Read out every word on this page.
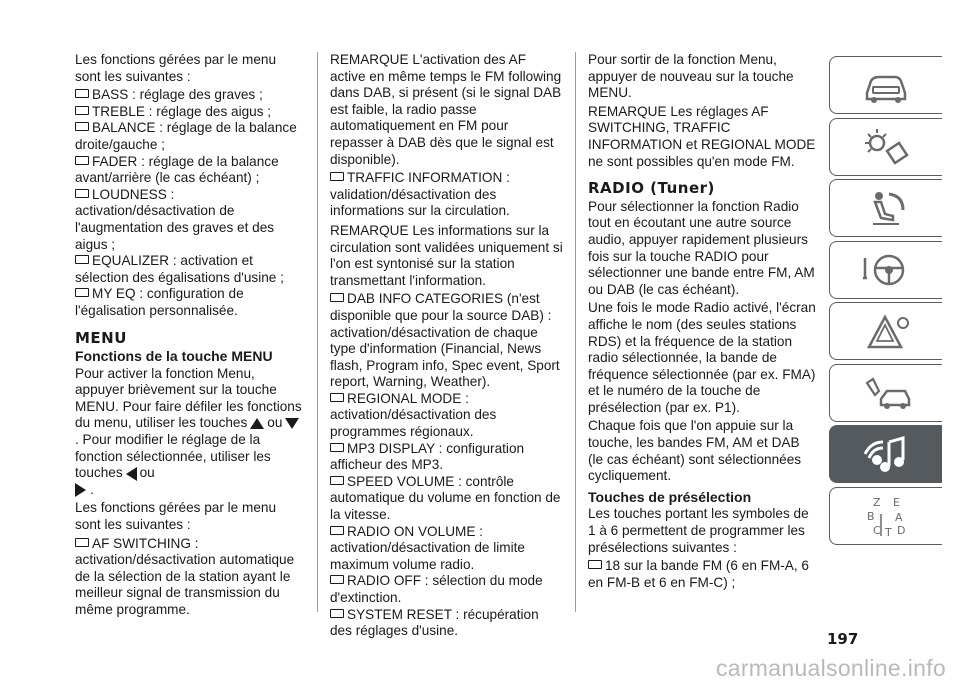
Les fonctions gérées par le menu sont les suivantes :
BASS : réglage des graves ;
TREBLE : réglage des aigus ;
BALANCE : réglage de la balance droite/gauche ;
FADER : réglage de la balance avant/arrière (le cas échéant) ;
LOUDNESS : activation/désactivation de l'augmentation des graves et des aigus ;
EQUALIZER : activation et sélection des égalisations d'usine ;
MY EQ : configuration de l'égalisation personnalisée.
MENU
Fonctions de la touche MENU
Pour activer la fonction Menu, appuyer brièvement sur la touche MENU. Pour faire défiler les fonctions du menu, utiliser les touches ou. Pour modifier le réglage de la fonction sélectionnée, utiliser les touches ou
.
Les fonctions gérées par le menu sont les suivantes :
AF SWITCHING : activation/désactivation automatique de la sélection de la station ayant le meilleur signal de transmission du même programme.
REMARQUE L'activation des AF active en même temps le FM following dans DAB, si présent (si le signal DAB est faible, la radio passe automatiquement en FM pour repasser à DAB dès que le signal est disponible).
TRAFFIC INFORMATION : validation/désactivation des informations sur la circulation.
REMARQUE Les informations sur la circulation sont validées uniquement si l'on est syntonisé sur la station transmettant l'information.
DAB INFO CATEGORIES (n'est disponible que pour la source DAB) : activation/désactivation de chaque type d'information (Financial, News flash, Program info, Spec event, Sport report, Warning, Weather).
REGIONAL MODE : activation/désactivation des programmes régionaux.
MP3 DISPLAY : configuration afficheur des MP3.
SPEED VOLUME : contrôle automatique du volume en fonction de la vitesse.
RADIO ON VOLUME : activation/désactivation de limite maximum volume radio.
RADIO OFF : sélection du mode d'extinction.
SYSTEM RESET : récupération des réglages d'usine.
Pour sortir de la fonction Menu, appuyer de nouveau sur la touche MENU.
REMARQUE Les réglages AF SWITCHING, TRAFFIC INFORMATION et REGIONAL MODE ne sont possibles qu'en mode FM.
RADIO (Tuner)
Pour sélectionner la fonction Radio tout en écoutant une autre source audio, appuyer rapidement plusieurs fois sur la touche RADIO pour sélectionner une bande entre FM, AM ou DAB (le cas échéant).
Une fois le mode Radio activé, l'écran affiche le nom (des seules stations RDS) et la fréquence de la station radio sélectionnée, la bande de fréquence sélectionnée (par ex. FMA) et le numéro de la touche de présélection (par ex. P1).
Chaque fois que l'on appuie sur la touche, les bandes FM, AM et DAB (le cas échéant) sont sélectionnées cycliquement.
Touches de présélection
Les touches portant les symboles de 1 à 6 permettent de programmer les présélections suivantes :
18 sur la bande FM (6 en FM-A, 6 en FM-B et 6 en FM-C) ;
Z E
B A
C T D
197
carmanualsonline.info
